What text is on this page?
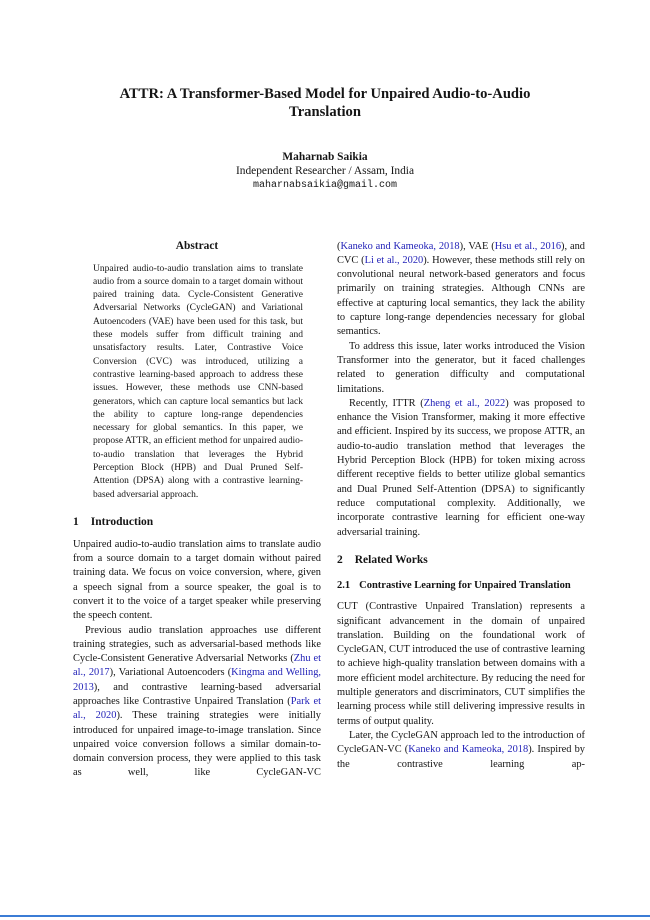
ATTR: A Transformer-Based Model for Unpaired Audio-to-Audio Translation
Maharnab Saikia
Independent Researcher / Assam, India
maharnabsaikia@gmail.com
Abstract

Unpaired audio-to-audio translation aims to translate audio from a source domain to a target domain without paired training data. Cycle-Consistent Generative Adversarial Networks (CycleGAN) and Variational Autoencoders (VAE) have been used for this task, but these models suffer from difficult training and unsatisfactory results. Later, Contrastive Voice Conversion (CVC) was introduced, utilizing a contrastive learning-based approach to address these issues. However, these methods use CNN-based generators, which can capture local semantics but lack the ability to capture long-range dependencies necessary for global semantics. In this paper, we propose ATTR, an efficient method for unpaired audio-to-audio translation that leverages the Hybrid Perception Block (HPB) and Dual Pruned Self-Attention (DPSA) along with a contrastive learning-based adversarial approach.

1 Introduction

Unpaired audio-to-audio translation aims to translate audio from a source domain to a target domain without paired training data. We focus on voice conversion, where, given a speech signal from a source speaker, the goal is to convert it to the voice of a target speaker while preserving the speech content.

Previous audio translation approaches use different training strategies, such as adversarial-based methods like Cycle-Consistent Generative Adversarial Networks (Zhu et al., 2017), Variational Autoencoders (Kingma and Welling, 2013), and contrastive learning-based adversarial approaches like Contrastive Unpaired Translation (Park et al., 2020). These training strategies were initially introduced for unpaired image-to-image translation. Since unpaired voice conversion follows a similar domain-to-domain conversion process, they were applied to this task as well, like CycleGAN-VC

(Kaneko and Kameoka, 2018), VAE (Hsu et al., 2016), and CVC (Li et al., 2020). However, these methods still rely on convolutional neural network-based generators and focus primarily on training strategies. Although CNNs are effective at capturing local semantics, they lack the ability to capture long-range dependencies necessary for global semantics.

To address this issue, later works introduced the Vision Transformer into the generator, but it faced challenges related to generation difficulty and computational limitations.

Recently, ITTR (Zheng et al., 2022) was proposed to enhance the Vision Transformer, making it more effective and efficient. Inspired by its success, we propose ATTR, an audio-to-audio translation method that leverages the Hybrid Perception Block (HPB) for token mixing across different receptive fields to better utilize global semantics and Dual Pruned Self-Attention (DPSA) to significantly reduce computational complexity. Additionally, we incorporate contrastive learning for efficient one-way adversarial training.

2 Related Works
2.1 Contrastive Learning for Unpaired Translation

CUT (Contrastive Unpaired Translation) represents a significant advancement in the domain of unpaired translation. Building on the foundational work of CycleGAN, CUT introduced the use of contrastive learning to achieve high-quality translation between domains with a more efficient model architecture. By reducing the need for multiple generators and discriminators, CUT simplifies the learning process while still delivering impressive results in terms of output quality.

Later, the CycleGAN approach led to the introduction of CycleGAN-VC (Kaneko and Kameoka, 2018). Inspired by the contrastive learning ap-
